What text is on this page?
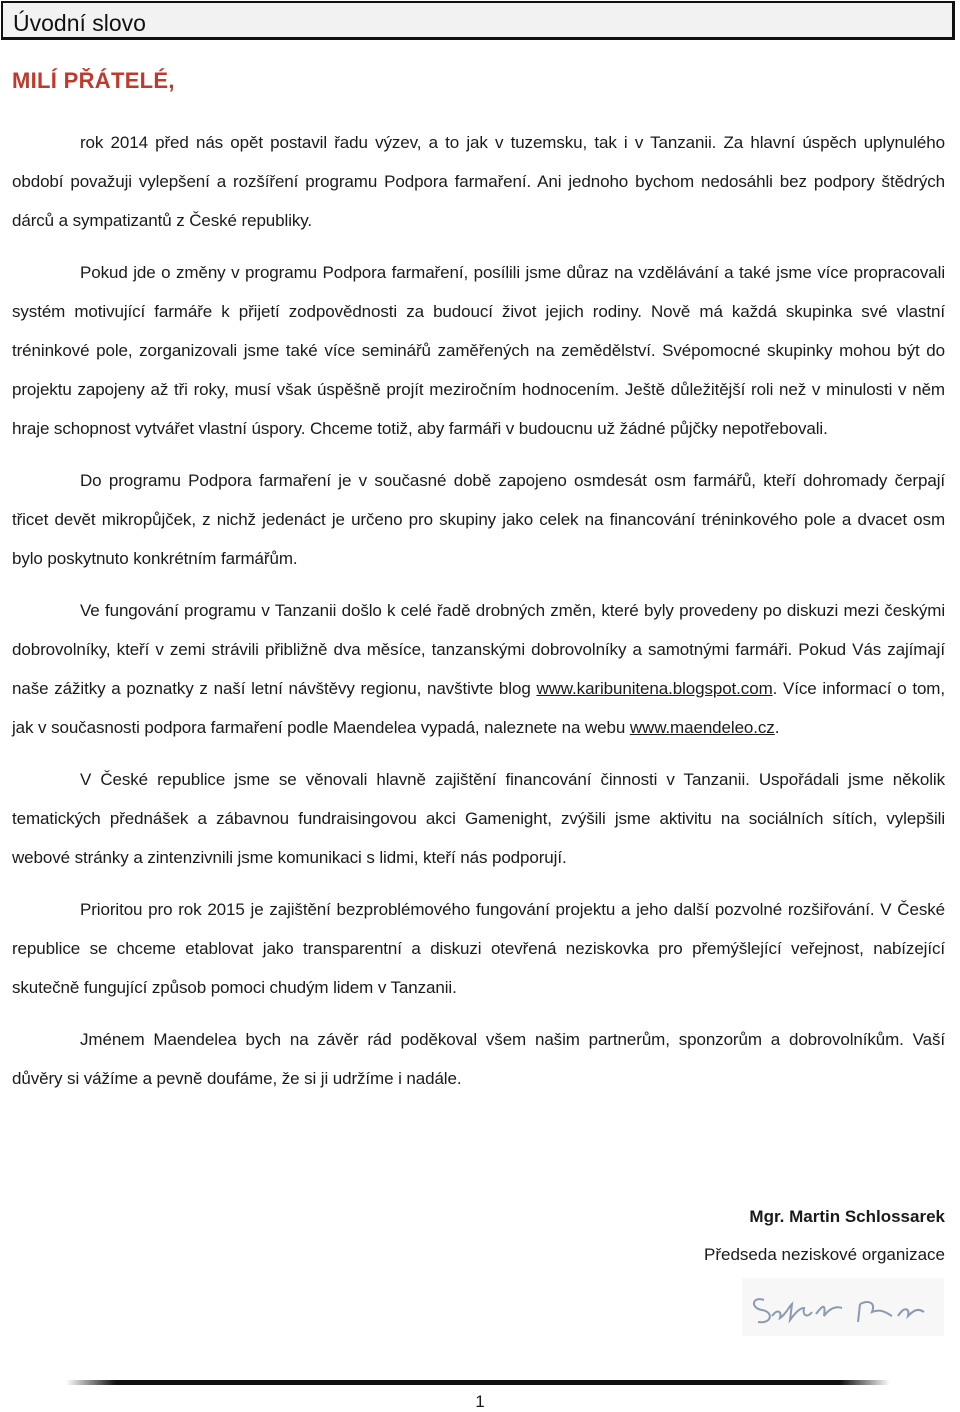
Úvodní slovo
MILÍ PŘÁTELÉ,

rok 2014 před nás opět postavil řadu výzev, a to jak v tuzemsku, tak i v Tanzanii. Za hlavní úspěch uplynulého období považuji vylepšení a rozšíření programu Podpora farmaření. Ani jednoho bychom nedosáhli bez podpory štědrých dárců a sympatizantů z České republiky.

Pokud jde o změny v programu Podpora farmaření, posílili jsme důraz na vzdělávání a také jsme více propracovali systém motivující farmáře k přijetí zodpovědnosti za budoucí život jejich rodiny. Nově má každá skupinka své vlastní tréninkové pole, zorganizovali jsme také více seminářů zaměřených na zemědělství. Svépomocné skupinky mohou být do projektu zapojeny až tři roky, musí však úspěšně projít meziročním hodnocením. Ještě důležitější roli než v minulosti v něm hraje schopnost vytvářet vlastní úspory. Chceme totiž, aby farmáři v budoucnu už žádné půjčky nepotřebovali.

Do programu Podpora farmaření je v současné době zapojeno osmdesát osm farmářů, kteří dohromady čerpají třicet devět mikropůjček, z nichž jedenáct je určeno pro skupiny jako celek na financování tréninkového pole a dvacet osm bylo poskytnuto konkrétním farmářům.

Ve fungování programu v Tanzanii došlo k celé řadě drobných změn, které byly provedeny po diskuzi mezi českými dobrovolníky, kteří v zemi strávili přibližně dva měsíce, tanzanskými dobrovolníky a samotnými farmáři. Pokud Vás zajímají naše zážitky a poznatky z naší letní návštěvy regionu, navštivte blog www.karibunitena.blogspot.com. Více informací o tom, jak v současnosti podpora farmaření podle Maendelea vypadá, naleznete na webu www.maendeleo.cz.

V České republice jsme se věnovali hlavně zajištění financování činnosti v Tanzanii. Uspořádali jsme několik tematických přednášek a zábavnou fundraisingovou akci Gamenight, zvýšili jsme aktivitu na sociálních sítích, vylepšili webové stránky a zintenzivnili jsme komunikaci s lidmi, kteří nás podporují.

Prioritou pro rok 2015 je zajištění bezproblémového fungování projektu a jeho další pozvolné rozšiřování. V České republice se chceme etablovat jako transparentní a diskuzi otevřená neziskovka pro přemýšlející veřejnost, nabízející skutečně fungující způsob pomoci chudým lidem v Tanzanii.

Jménem Maendelea bych na závěr rád poděkoval všem našim partnerům, sponzorům a dobrovolníkům. Vaší důvěry si vážíme a pevně doufáme, že si ji udržíme i nadále.

Mgr. Martin Schlossarek
Předseda neziskové organizace
1
